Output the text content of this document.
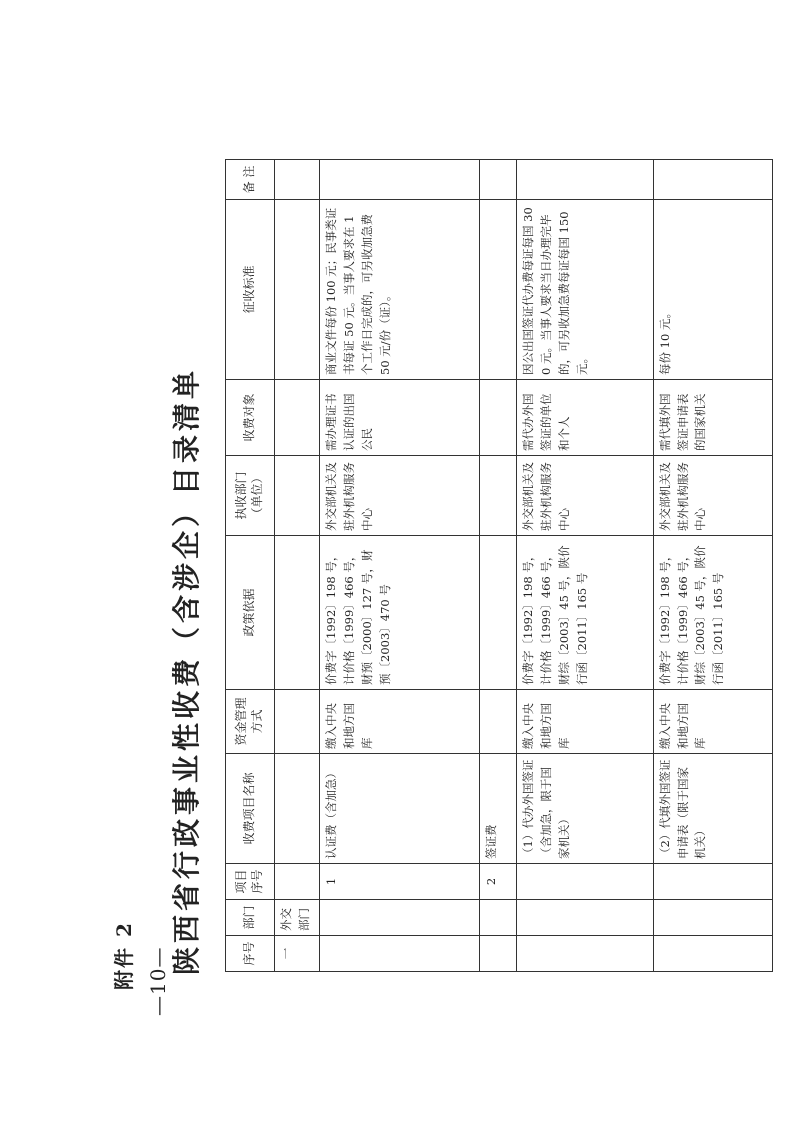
—10—
附件 2 陕西省行政事业性收费（含涉企）目录清单	序号	部门	项目序号	收费项目名称	资金管理方式	政策依据	执收部门（单位）	收费对象	征收标准	备 注
一	外交部门								
		1	认证费（含加急）	缴入中央和地方国库	价费字〔1992〕198 号，计价格〔1999〕466 号，财预〔2000〕127 号，财预〔2003〕470 号	外交部机关及驻外机构服务中心	需办理证书认证的出国公民	商业文件每份 100 元；民事类证书每证 50 元。当事人要求在 1 个工作日完成的，可另收加急费 50 元/份（证）。	
		2	签证费						
			（1）代办外国签证（含加急，限于国家机关）	缴入中央和地方国库	价费字〔1992〕198 号，计价格〔1999〕466 号，财综〔2003〕45 号，陕价行函〔2011〕165 号	外交部机关及驻外机构服务中心	需代办外国签证的单位和个人	因公出国签证代办费每证每国 300 元。当事人要求当日办理完毕的，可另收加急费每证每国 150 元。	
			（2）代填外国签证申请表（限于国家机关）	缴入中央和地方国库	价费字〔1992〕198 号，计价格〔1999〕466 号，财综〔2003〕45 号，陕价行函〔2011〕165 号	外交部机关及驻外机构服务中心	需代填外国签证申请表的国家机关	每份 10 元。	
